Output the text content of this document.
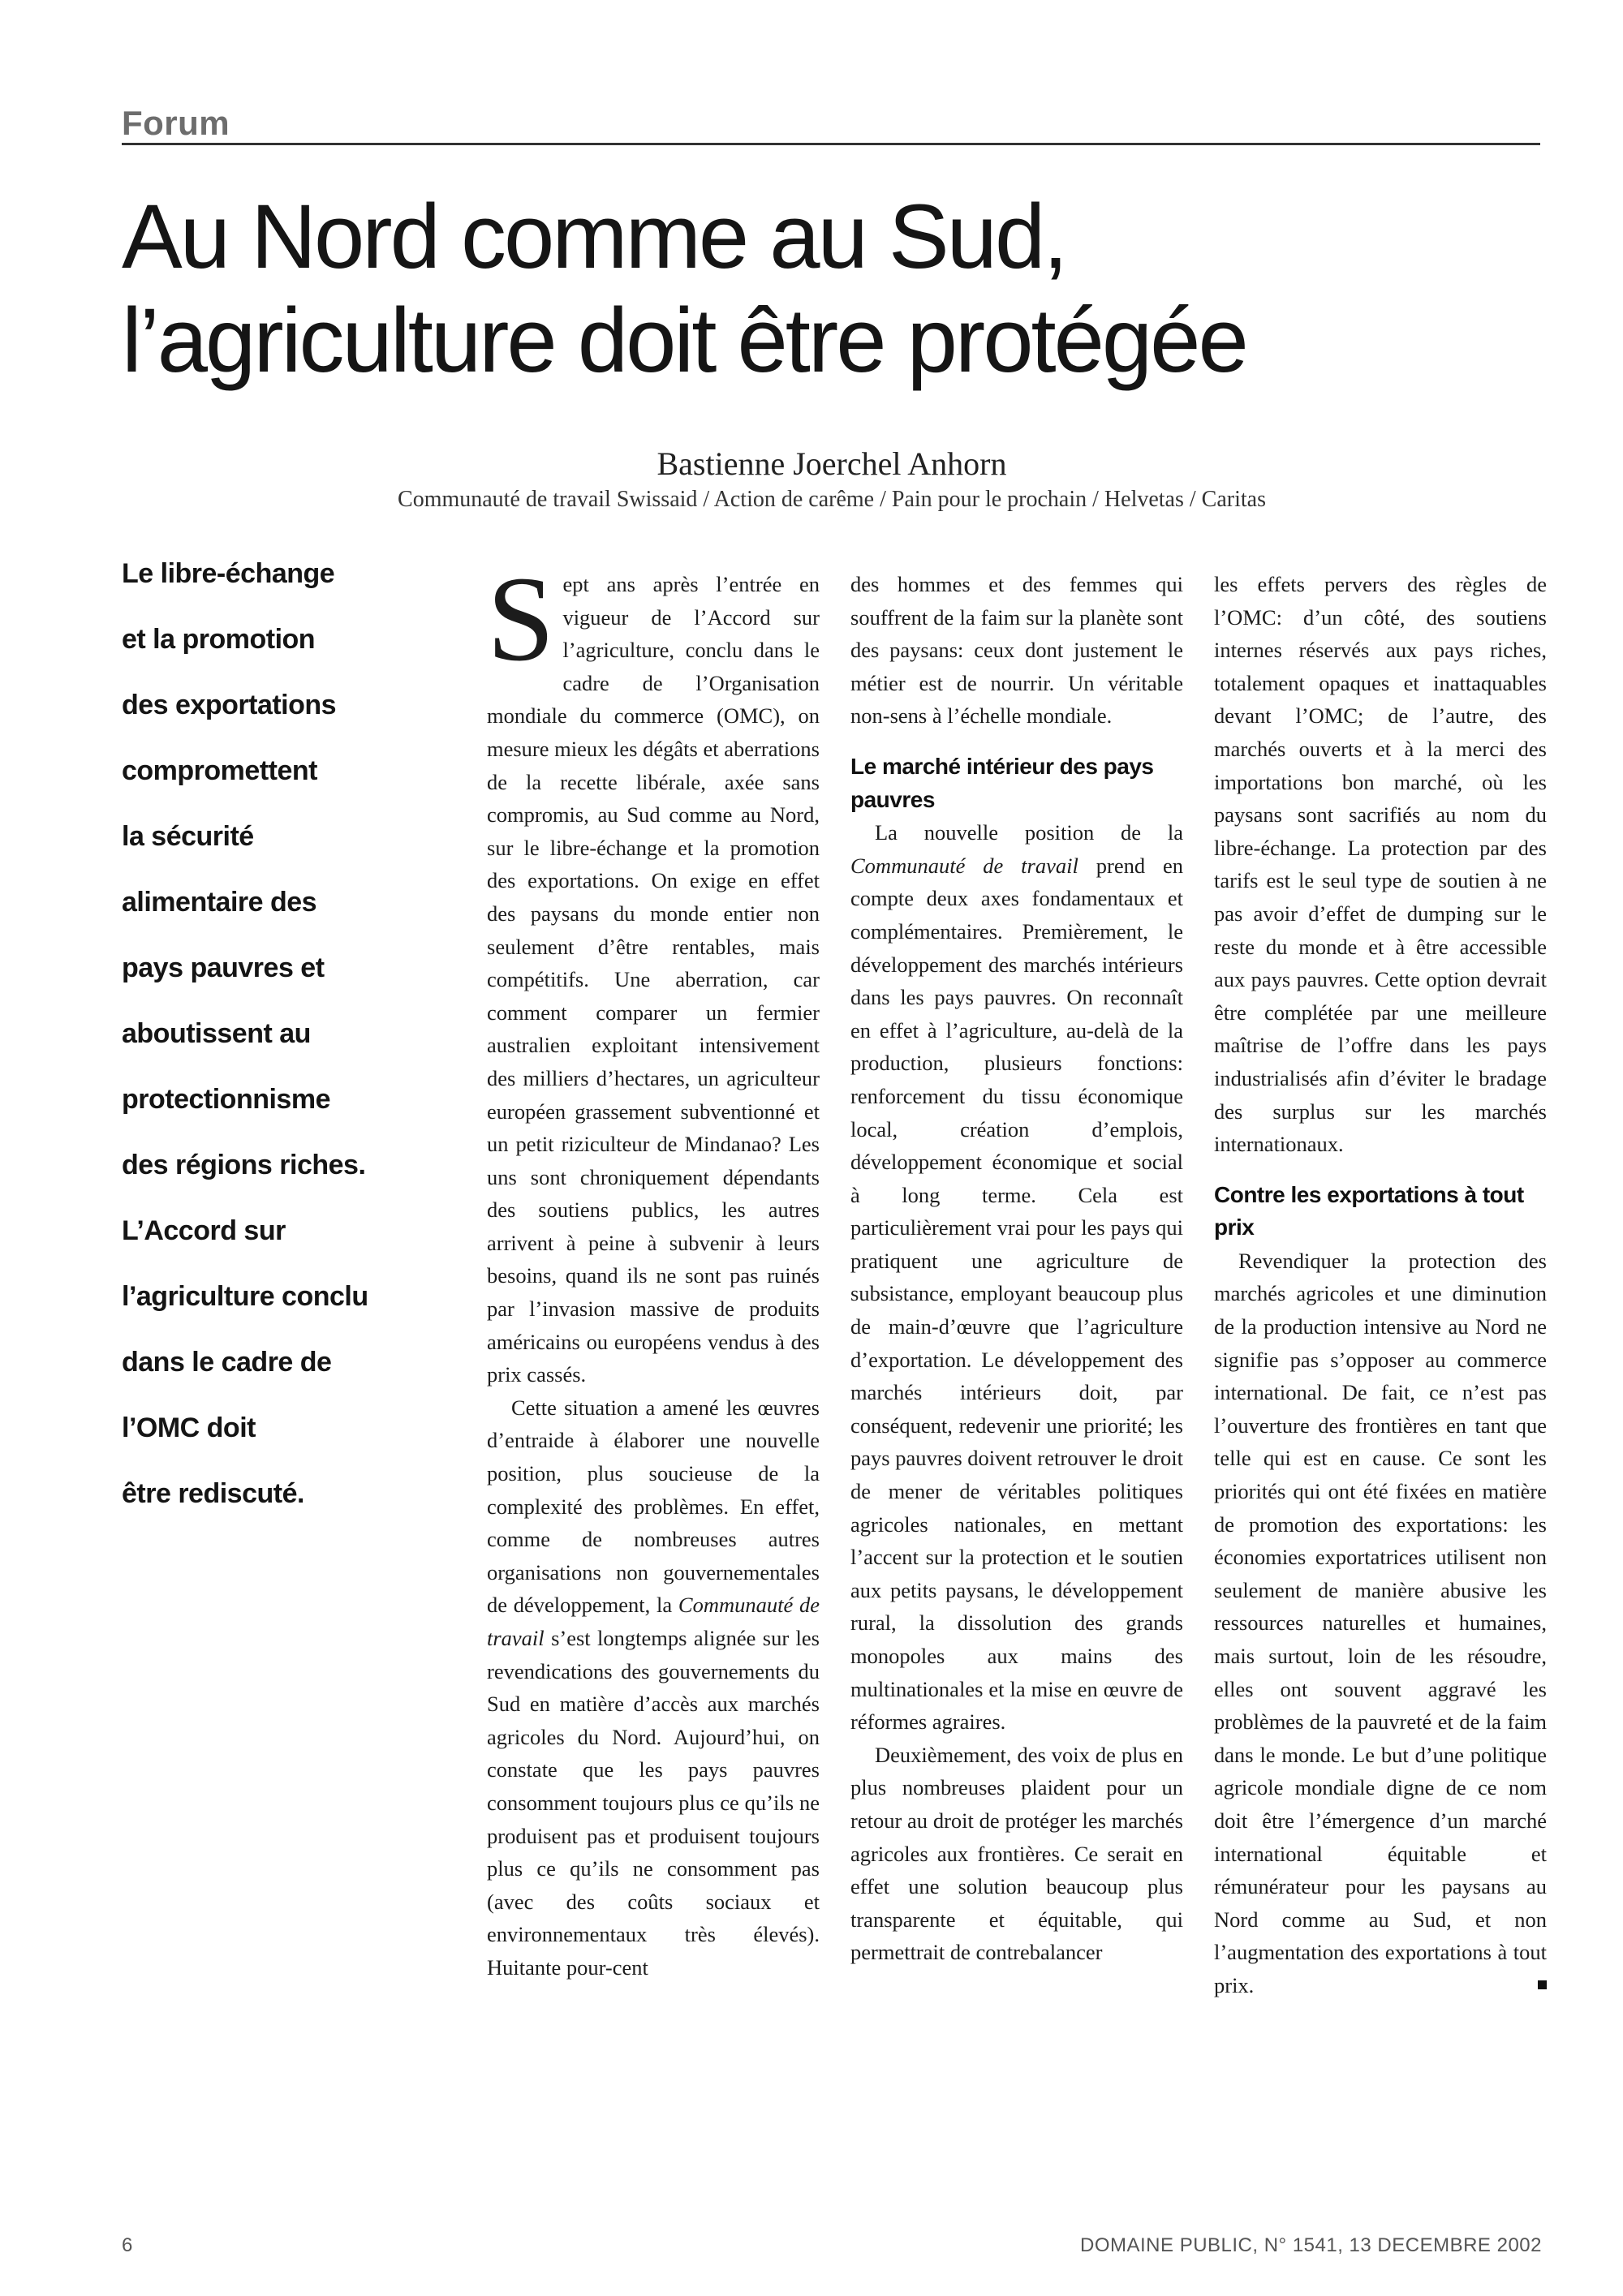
Forum
Au Nord comme au Sud,
l’agriculture doit être protégée
Bastienne Joerchel Anhorn
Communauté de travail Swissaid / Action de carême / Pain pour le prochain / Helvetas / Caritas
Le libre-échange
et la promotion
des exportations
compromettent
la sécurité
alimentaire des
pays pauvres et
aboutissent au
protectionnisme
des régions riches.
L’Accord sur
l’agriculture conclu
dans le cadre de
l’OMC doit
être rediscuté.

Sept ans après l’entrée en vigueur de l’Accord sur l’agriculture, conclu dans le cadre de l’Organisation mondiale du commerce (OMC), on mesure mieux les dégâts et aberrations de la recette libérale, axée sans compromis, au Sud comme au Nord, sur le libre-échange et la promotion des exportations. On exige en effet des paysans du monde entier non seulement d’être rentables, mais compétitifs. Une aberration, car comment comparer un fermier australien exploitant intensivement des milliers d’hectares, un agriculteur européen grassement subventionné et un petit riziculteur de Mindanao? Les uns sont chroniquement dépendants des soutiens publics, les autres arrivent à peine à subvenir à leurs besoins, quand ils ne sont pas ruinés par l’invasion massive de produits américains ou européens vendus à des prix cassés.

Cette situation a amené les œuvres d’entraide à élaborer une nouvelle position, plus soucieuse de la complexité des problèmes. En effet, comme de nombreuses autres organisations non gouvernementales de développement, la Communauté de travail s’est longtemps alignée sur les revendications des gouvernements du Sud en matière d’accès aux marchés agricoles du Nord. Aujourd’hui, on constate que les pays pauvres consomment toujours plus ce qu’ils ne produisent pas et produisent toujours plus ce qu’ils ne consomment pas (avec des coûts sociaux et environnementaux très élevés). Huitante pour-cent

des hommes et des femmes qui souffrent de la faim sur la planète sont des paysans: ceux dont justement le métier est de nourrir. Un véritable non-sens à l’échelle mondiale.

Le marché intérieur des pays pauvres

La nouvelle position de la Communauté de travail prend en compte deux axes fondamentaux et complémentaires. Premièrement, le développement des marchés intérieurs dans les pays pauvres. On reconnaît en effet à l’agriculture, au-delà de la production, plusieurs fonctions: renforcement du tissu économique local, création d’emplois, développement économique et social à long terme. Cela est particulièrement vrai pour les pays qui pratiquent une agriculture de subsistance, employant beaucoup plus de main-d’œuvre que l’agriculture d’exportation. Le développement des marchés intérieurs doit, par conséquent, redevenir une priorité; les pays pauvres doivent retrouver le droit de mener de véritables politiques agricoles nationales, en mettant l’accent sur la protection et le soutien aux petits paysans, le développement rural, la dissolution des grands monopoles aux mains des multinationales et la mise en œuvre de réformes agraires.

Deuxièmement, des voix de plus en plus nombreuses plaident pour un retour au droit de protéger les marchés agricoles aux frontières. Ce serait en effet une solution beaucoup plus transparente et équitable, qui permettrait de contrebalancer

les effets pervers des règles de l’OMC: d’un côté, des soutiens internes réservés aux pays riches, totalement opaques et inattaquables devant l’OMC; de l’autre, des marchés ouverts et à la merci des importations bon marché, où les paysans sont sacrifiés au nom du libre-échange. La protection par des tarifs est le seul type de soutien à ne pas avoir d’effet de dumping sur le reste du monde et à être accessible aux pays pauvres. Cette option devrait être complétée par une meilleure maîtrise de l’offre dans les pays industrialisés afin d’éviter le bradage des surplus sur les marchés internationaux.

Contre les exportations à tout prix

Revendiquer la protection des marchés agricoles et une diminution de la production intensive au Nord ne signifie pas s’opposer au commerce international. De fait, ce n’est pas l’ouverture des frontières en tant que telle qui est en cause. Ce sont les priorités qui ont été fixées en matière de promotion des exportations: les économies exportatrices utilisent non seulement de manière abusive les ressources naturelles et humaines, mais surtout, loin de les résoudre, elles ont souvent aggravé les problèmes de la pauvreté et de la faim dans le monde. Le but d’une politique agricole mondiale digne de ce nom doit être l’émergence d’un marché international équitable et rémunérateur pour les paysans au Nord comme au Sud, et non l’augmentation des exportations à tout prix.

6	DOMAINE PUBLIC, N° 1541, 13 DECEMBRE 2002
